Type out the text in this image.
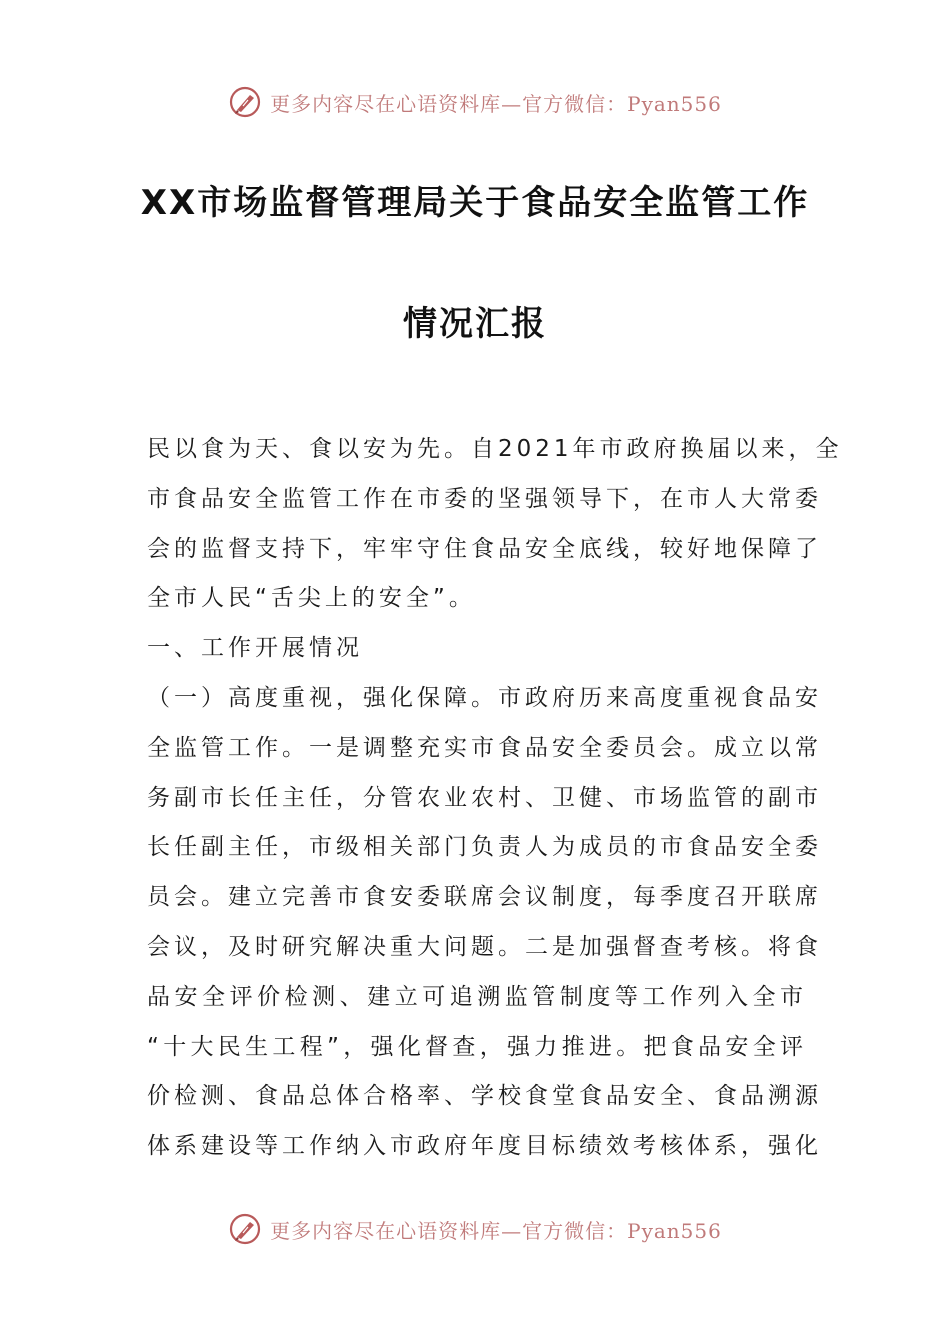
更多内容尽在心语资料库—官方微信：Pyan556
XX市场监督管理局关于食品安全监管工作
情况汇报
民以食为天、食以安为先。自2021年市政府换届以来，全
市食品安全监管工作在市委的坚强领导下，在市人大常委
会的监督支持下，牢牢守住食品安全底线，较好地保障了
全市人民“舌尖上的安全”。
一、工作开展情况
（一）高度重视，强化保障。市政府历来高度重视食品安
全监管工作。一是调整充实市食品安全委员会。成立以常
务副市长任主任，分管农业农村、卫健、市场监管的副市
长任副主任，市级相关部门负责人为成员的市食品安全委
员会。建立完善市食安委联席会议制度，每季度召开联席
会议，及时研究解决重大问题。二是加强督查考核。将食
品安全评价检测、建立可追溯监管制度等工作列入全市
“十大民生工程”，强化督查，强力推进。把食品安全评
价检测、食品总体合格率、学校食堂食品安全、食品溯源
体系建设等工作纳入市政府年度目标绩效考核体系，强化
更多内容尽在心语资料库—官方微信：Pyan556
